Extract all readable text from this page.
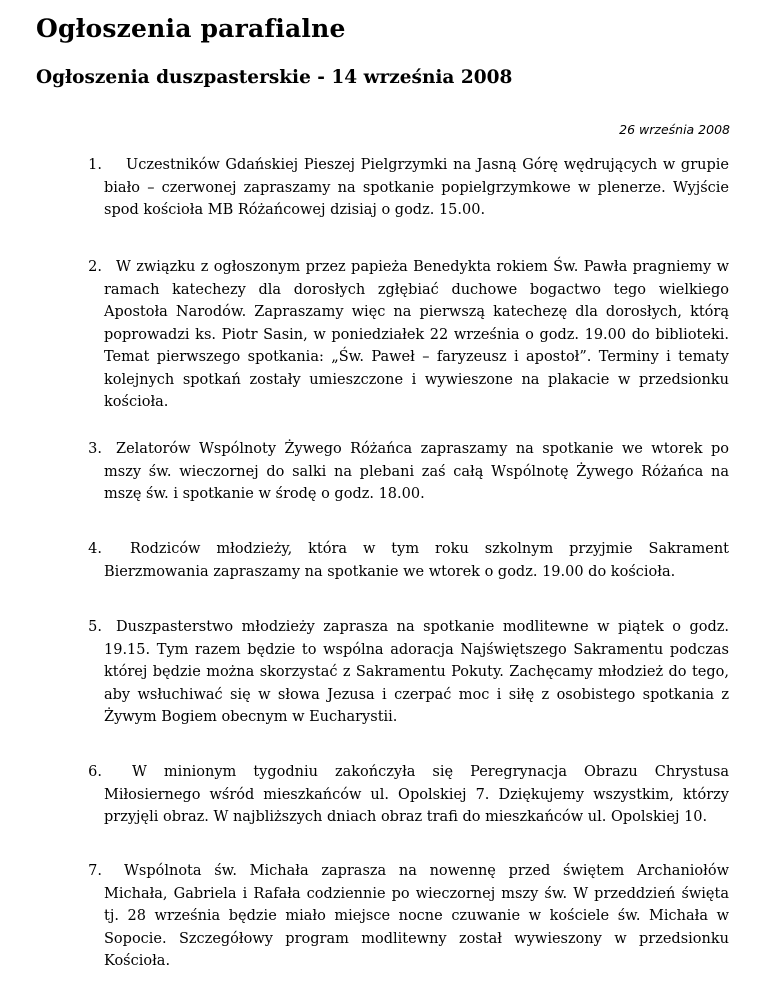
Ogłoszenia parafialne
Ogłoszenia duszpasterskie - 14 września 2008
26 września 2008

1. Uczestników Gdańskiej Pieszej Pielgrzymki na Jasną Górę wędrujących w grupie biało – czerwonej zapraszamy na spotkanie popielgrzymkowe w plenerze. Wyjście spod kościoła MB Różańcowej dzisiaj o godz. 15.00.

2. W związku z ogłoszonym przez papieża Benedykta rokiem Św. Pawła pragniemy w ramach katechezy dla dorosłych zgłębiać duchowe bogactwo tego wielkiego Apostoła Narodów. Zapraszamy więc na pierwszą katechezę dla dorosłych, którą poprowadzi ks. Piotr Sasin, w poniedziałek 22 września o godz. 19.00 do biblioteki. Temat pierwszego spotkania: „Św. Paweł – faryzeusz i apostoł”. Terminy i tematy kolejnych spotkań zostały umieszczone i wywieszone na plakacie w przedsionku kościoła.

3. Zelatorów Wspólnoty Żywego Różańca zapraszamy na spotkanie we wtorek po mszy św. wieczornej do salki na plebani zaś całą Wspólnotę Żywego Różańca na mszę św. i spotkanie w środę o godz. 18.00.

4. Rodziców młodzieży, która w tym roku szkolnym przyjmie Sakrament Bierzmowania zapraszamy na spotkanie we wtorek o godz. 19.00 do kościoła.

5. Duszpasterstwo młodzieży zaprasza na spotkanie modlitewne w piątek o godz. 19.15. Tym razem będzie to wspólna adoracja Najświętszego Sakramentu podczas której będzie można skorzystać z Sakramentu Pokuty. Zachęcamy młodzież do tego, aby wsłuchiwać się w słowa Jezusa i czerpać moc i siłę z osobistego spotkania z Żywym Bogiem obecnym w Eucharystii.

6. W minionym tygodniu zakończyła się Peregrynacja Obrazu Chrystusa Miłosiernego wśród mieszkańców ul. Opolskiej 7. Dziękujemy wszystkim, którzy przyjęli obraz. W najbliższych dniach obraz trafi do mieszkańców ul. Opolskiej 10.

7. Wspólnota św. Michała zaprasza na nowennę przed świętem Archaniołów Michała, Gabriela i Rafała codziennie po wieczornej mszy św. W przeddzień święta tj. 28 września będzie miało miejsce nocne czuwanie w kościele św. Michała w Sopocie. Szczegółowy program modlitewny został wywieszony w przedsionku Kościoła.
